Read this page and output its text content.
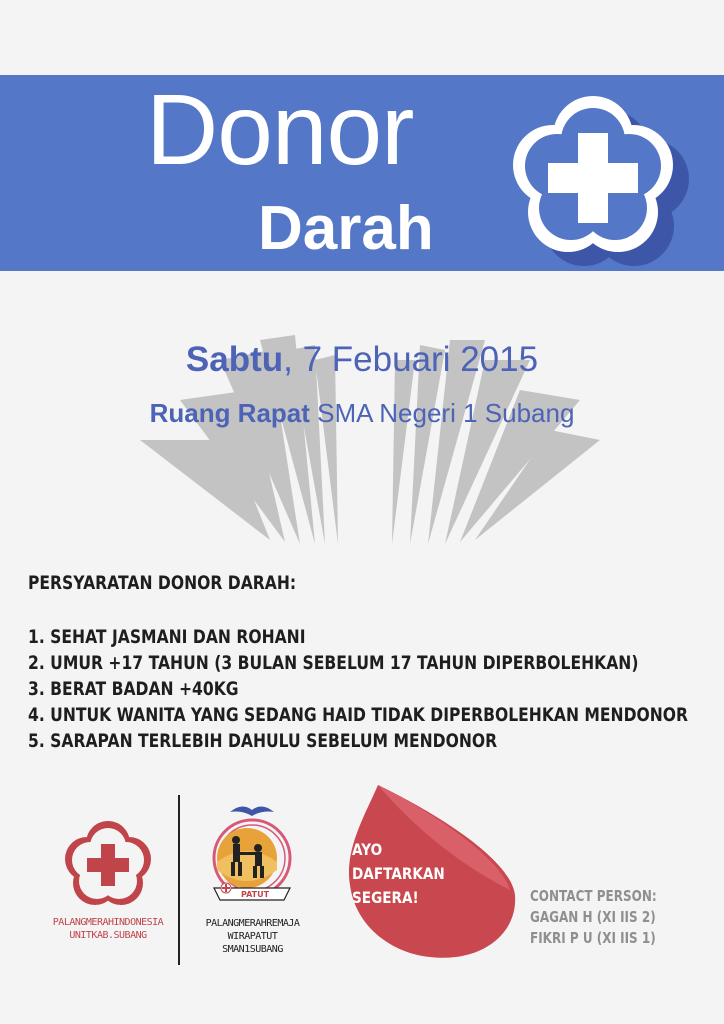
Donor
Darah
Sabtu, 7 Febuari 2015
Ruang Rapat SMA Negeri 1 Subang
PERSYARATAN DONOR DARAH:
1. SEHAT JASMANI DAN ROHANI
2. UMUR +17 TAHUN (3 BULAN SEBELUM 17 TAHUN DIPERBOLEHKAN)
3. BERAT BADAN +40KG
4. UNTUK WANITA YANG SEDANG HAID TIDAK DIPERBOLEHKAN MENDONOR
5. SARAPAN TERLEBIH DAHULU SEBELUM MENDONOR
PALANGMERAHINDONESIA
UNITKAB.SUBANG
PATUT
PALANGMERAHREMAJA
WIRAPATUT
SMAN1SUBANG
AYO
DAFTARKAN
SEGERA!	CONTACT PERSON:
GAGAN H (XI IIS 2)
FIKRI P U (XI IIS 1)
